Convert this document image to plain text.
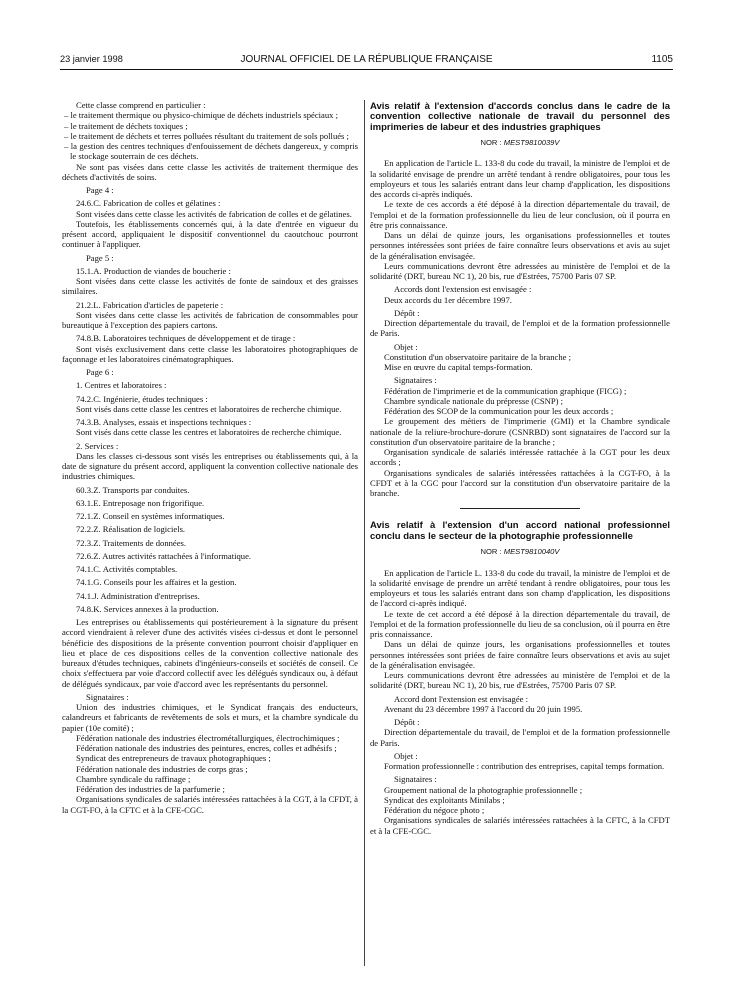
23 janvier 1998	JOURNAL OFFICIEL DE LA RÉPUBLIQUE FRANÇAISE	1105

Cette classe comprend en particulier :

– le traitement thermique ou physico-chimique de déchets industriels spéciaux ;

– le traitement de déchets toxiques ;

– le traitement de déchets et terres polluées résultant du traitement de sols pollués ;

– la gestion des centres techniques d'enfouissement de déchets dangereux, y compris le stockage souterrain de ces déchets.

Ne sont pas visées dans cette classe les activités de traitement thermique des déchets d'activités de soins.

Page 4 :

24.6.C. Fabrication de colles et gélatines :

Sont visées dans cette classe les activités de fabrication de colles et de gélatines.

Toutefois, les établissements concernés qui, à la date d'entrée en vigueur du présent accord, appliquaient le dispositif conventionnel du caoutchouc pourront continuer à l'appliquer.

Page 5 :

15.1.A. Production de viandes de boucherie :

Sont visées dans cette classe les activités de fonte de saindoux et des graisses similaires.

21.2.L. Fabrication d'articles de papeterie :

Sont visées dans cette classe les activités de fabrication de consommables pour bureautique à l'exception des papiers cartons.

74.8.B. Laboratoires techniques de développement et de tirage :

Sont visés exclusivement dans cette classe les laboratoires photographiques de façonnage et les laboratoires cinématographiques.

Page 6 :

1. Centres et laboratoires :

74.2.C. Ingénierie, études techniques :

Sont visés dans cette classe les centres et laboratoires de recherche chimique.

74.3.B. Analyses, essais et inspections techniques :

Sont visés dans cette classe les centres et laboratoires de recherche chimique.

2. Services :

Dans les classes ci-dessous sont visés les entreprises ou établissements qui, à la date de signature du présent accord, appliquent la convention collective nationale des industries chimiques.

60.3.Z. Transports par conduites.

63.1.E. Entreposage non frigorifique.

72.1.Z. Conseil en systèmes informatiques.

72.2.Z. Réalisation de logiciels.

72.3.Z. Traitements de données.

72.6.Z. Autres activités rattachées à l'informatique.

74.1.C. Activités comptables.

74.1.G. Conseils pour les affaires et la gestion.

74.1.J. Administration d'entreprises.

74.8.K. Services annexes à la production.

Les entreprises ou établissements qui postérieurement à la signature du présent accord viendraient à relever d'une des activités visées ci-dessus et dont le personnel bénéficie des dispositions de la présente convention pourront choisir d'appliquer en lieu et place de ces dispositions celles de la convention collective nationale des bureaux d'études techniques, cabinets d'ingénieurs-conseils et sociétés de conseil. Ce choix s'effectuera par voie d'accord collectif avec les délégués syndicaux ou, à défaut de délégués syndicaux, par voie d'accord avec les représentants du personnel.

Signataires :

Union des industries chimiques, et le Syndicat français des enducteurs, calandreurs et fabricants de revêtements de sols et murs, et la chambre syndicale du papier (10e comité) ;

Fédération nationale des industries électrométallurgiques, électrochimiques ;

Fédération nationale des industries des peintures, encres, colles et adhésifs ;

Syndicat des entrepreneurs de travaux photographiques ;

Fédération nationale des industries de corps gras ;

Chambre syndicale du raffinage ;

Fédération des industries de la parfumerie ;

Organisations syndicales de salariés intéressées rattachées à la CGT, à la CFDT, à la CGT-FO, à la CFTC et à la CFE-CGC.

Avis relatif à l'extension d'accords conclus dans le cadre de la convention collective nationale de travail du personnel des imprimeries de labeur et des industries graphiques

NOR : MEST9810039V

En application de l'article L. 133-8 du code du travail, la ministre de l'emploi et de la solidarité envisage de prendre un arrêté tendant à rendre obligatoires, pour tous les employeurs et tous les salariés entrant dans leur champ d'application, les dispositions des accords ci-après indiqués.

Le texte de ces accords a été déposé à la direction départementale du travail, de l'emploi et de la formation professionnelle du lieu de leur conclusion, où il pourra en être pris connaissance.

Dans un délai de quinze jours, les organisations professionnelles et toutes personnes intéressées sont priées de faire connaître leurs observations et avis au sujet de la généralisation envisagée.

Leurs communications devront être adressées au ministère de l'emploi et de la solidarité (DRT, bureau NC 1), 20 bis, rue d'Estrées, 75700 Paris 07 SP.

Accords dont l'extension est envisagée :

Deux accords du 1er décembre 1997.

Dépôt :

Direction départementale du travail, de l'emploi et de la formation professionnelle de Paris.

Objet :

Constitution d'un observatoire paritaire de la branche ;

Mise en œuvre du capital temps-formation.

Signataires :

Fédération de l'imprimerie et de la communication graphique (FICG) ;

Chambre syndicale nationale du prépresse (CSNP) ;

Fédération des SCOP de la communication pour les deux accords ;

Le groupement des métiers de l'imprimerie (GMI) et la Chambre syndicale nationale de la reliure-brochure-dorure (CSNRBD) sont signataires de l'accord sur la constitution d'un observatoire paritaire de la branche ;

Organisation syndicale de salariés intéressée rattachée à la CGT pour les deux accords ;

Organisations syndicales de salariés intéressées rattachées à la CGT-FO, à la CFDT et à la CGC pour l'accord sur la constitution d'un observatoire paritaire de la branche.

Avis relatif à l'extension d'un accord national professionnel conclu dans le secteur de la photographie professionnelle

NOR : MEST9810040V

En application de l'article L. 133-8 du code du travail, la ministre de l'emploi et de la solidarité envisage de prendre un arrêté tendant à rendre obligatoires, pour tous les employeurs et tous les salariés entrant dans son champ d'application, les dispositions de l'accord ci-après indiqué.

Le texte de cet accord a été déposé à la direction départementale du travail, de l'emploi et de la formation professionnelle du lieu de sa conclusion, où il pourra en être pris connaissance.

Dans un délai de quinze jours, les organisations professionnelles et toutes personnes intéressées sont priées de faire connaître leurs observations et avis au sujet de la généralisation envisagée.

Leurs communications devront être adressées au ministère de l'emploi et de la solidarité (DRT, bureau NC 1), 20 bis, rue d'Estrées, 75700 Paris 07 SP.

Accord dont l'extension est envisagée :

Avenant du 23 décembre 1997 à l'accord du 20 juin 1995.

Dépôt :

Direction départementale du travail, de l'emploi et de la formation professionnelle de Paris.

Objet :

Formation professionnelle : contribution des entreprises, capital temps formation.

Signataires :

Groupement national de la photographie professionnelle ;

Syndicat des exploitants Minilabs ;

Fédération du négoce photo ;

Organisations syndicales de salariés intéressées rattachées à la CFTC, à la CFDT et à la CFE-CGC.
